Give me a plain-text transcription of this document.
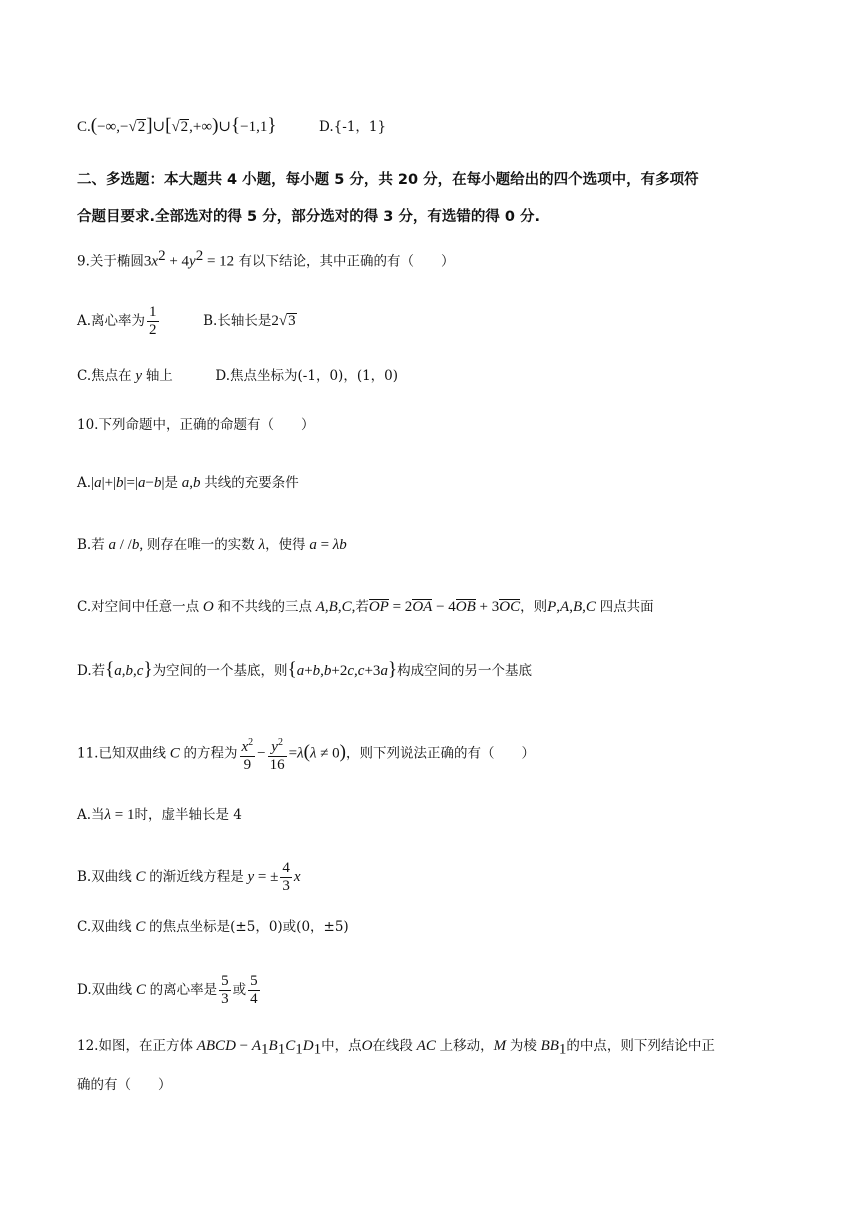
C.(−∞,−√2]∪[√2,+∞)∪{−1,1}	D.{-1，1}
二、多选题：本大题共 4 小题，每小题 5 分，共 20 分，在每小题给出的四个选项中，有多项符
合题目要求.全部选对的得 5 分，部分选对的得 3 分，有选错的得 0 分.
9.关于椭圆$3x^2 + 4y^2 = 12$ 有以下结论，其中正确的有（　　）
A.离心率为 $\frac{1}{2}$	B.长轴长是2√3
C.焦点在 y 轴上	D.焦点坐标为(-1，0)，(1，0)
10.下列命题中，正确的命题有（　　）
A.|a|+|b|=|a−b|是 a,b 共线的充要条件
B.若 a / /b, 则存在唯一的实数 λ，使得 a = λb
C.对空间中任意一点 O 和不共线的三点 A,B,C,若OP = 2OA − 4OB + 3OC，则P,A,B,C 四点共面
D.若{a,b,c}为空间的一个基底，则{a+b,b+2c,c+3a}构成空间的另一个基底
11.已知双曲线 C 的方程为 $\frac{x^2}{9} - \frac{y^2}{16} =\lambda(\lambda \ne 0)$，则下列说法正确的有（　　）
A.当λ = 1时，虚半轴长是 4
B.双曲线 C 的渐近线方程是 y = ± $\frac{4}{3}$ x
C.双曲线 C 的焦点坐标是(±5，0)或(0，±5)
D.双曲线 C 的离心率是 $\frac{5}{3}$ 或 $\frac{5}{4}$
12.如图，在正方体 ABCD − $A_1B_1C_1D_1$中，点O在线段 AC 上移动，M 为棱 $BB_1$的中点，则下列结论中正
确的有（　　）
